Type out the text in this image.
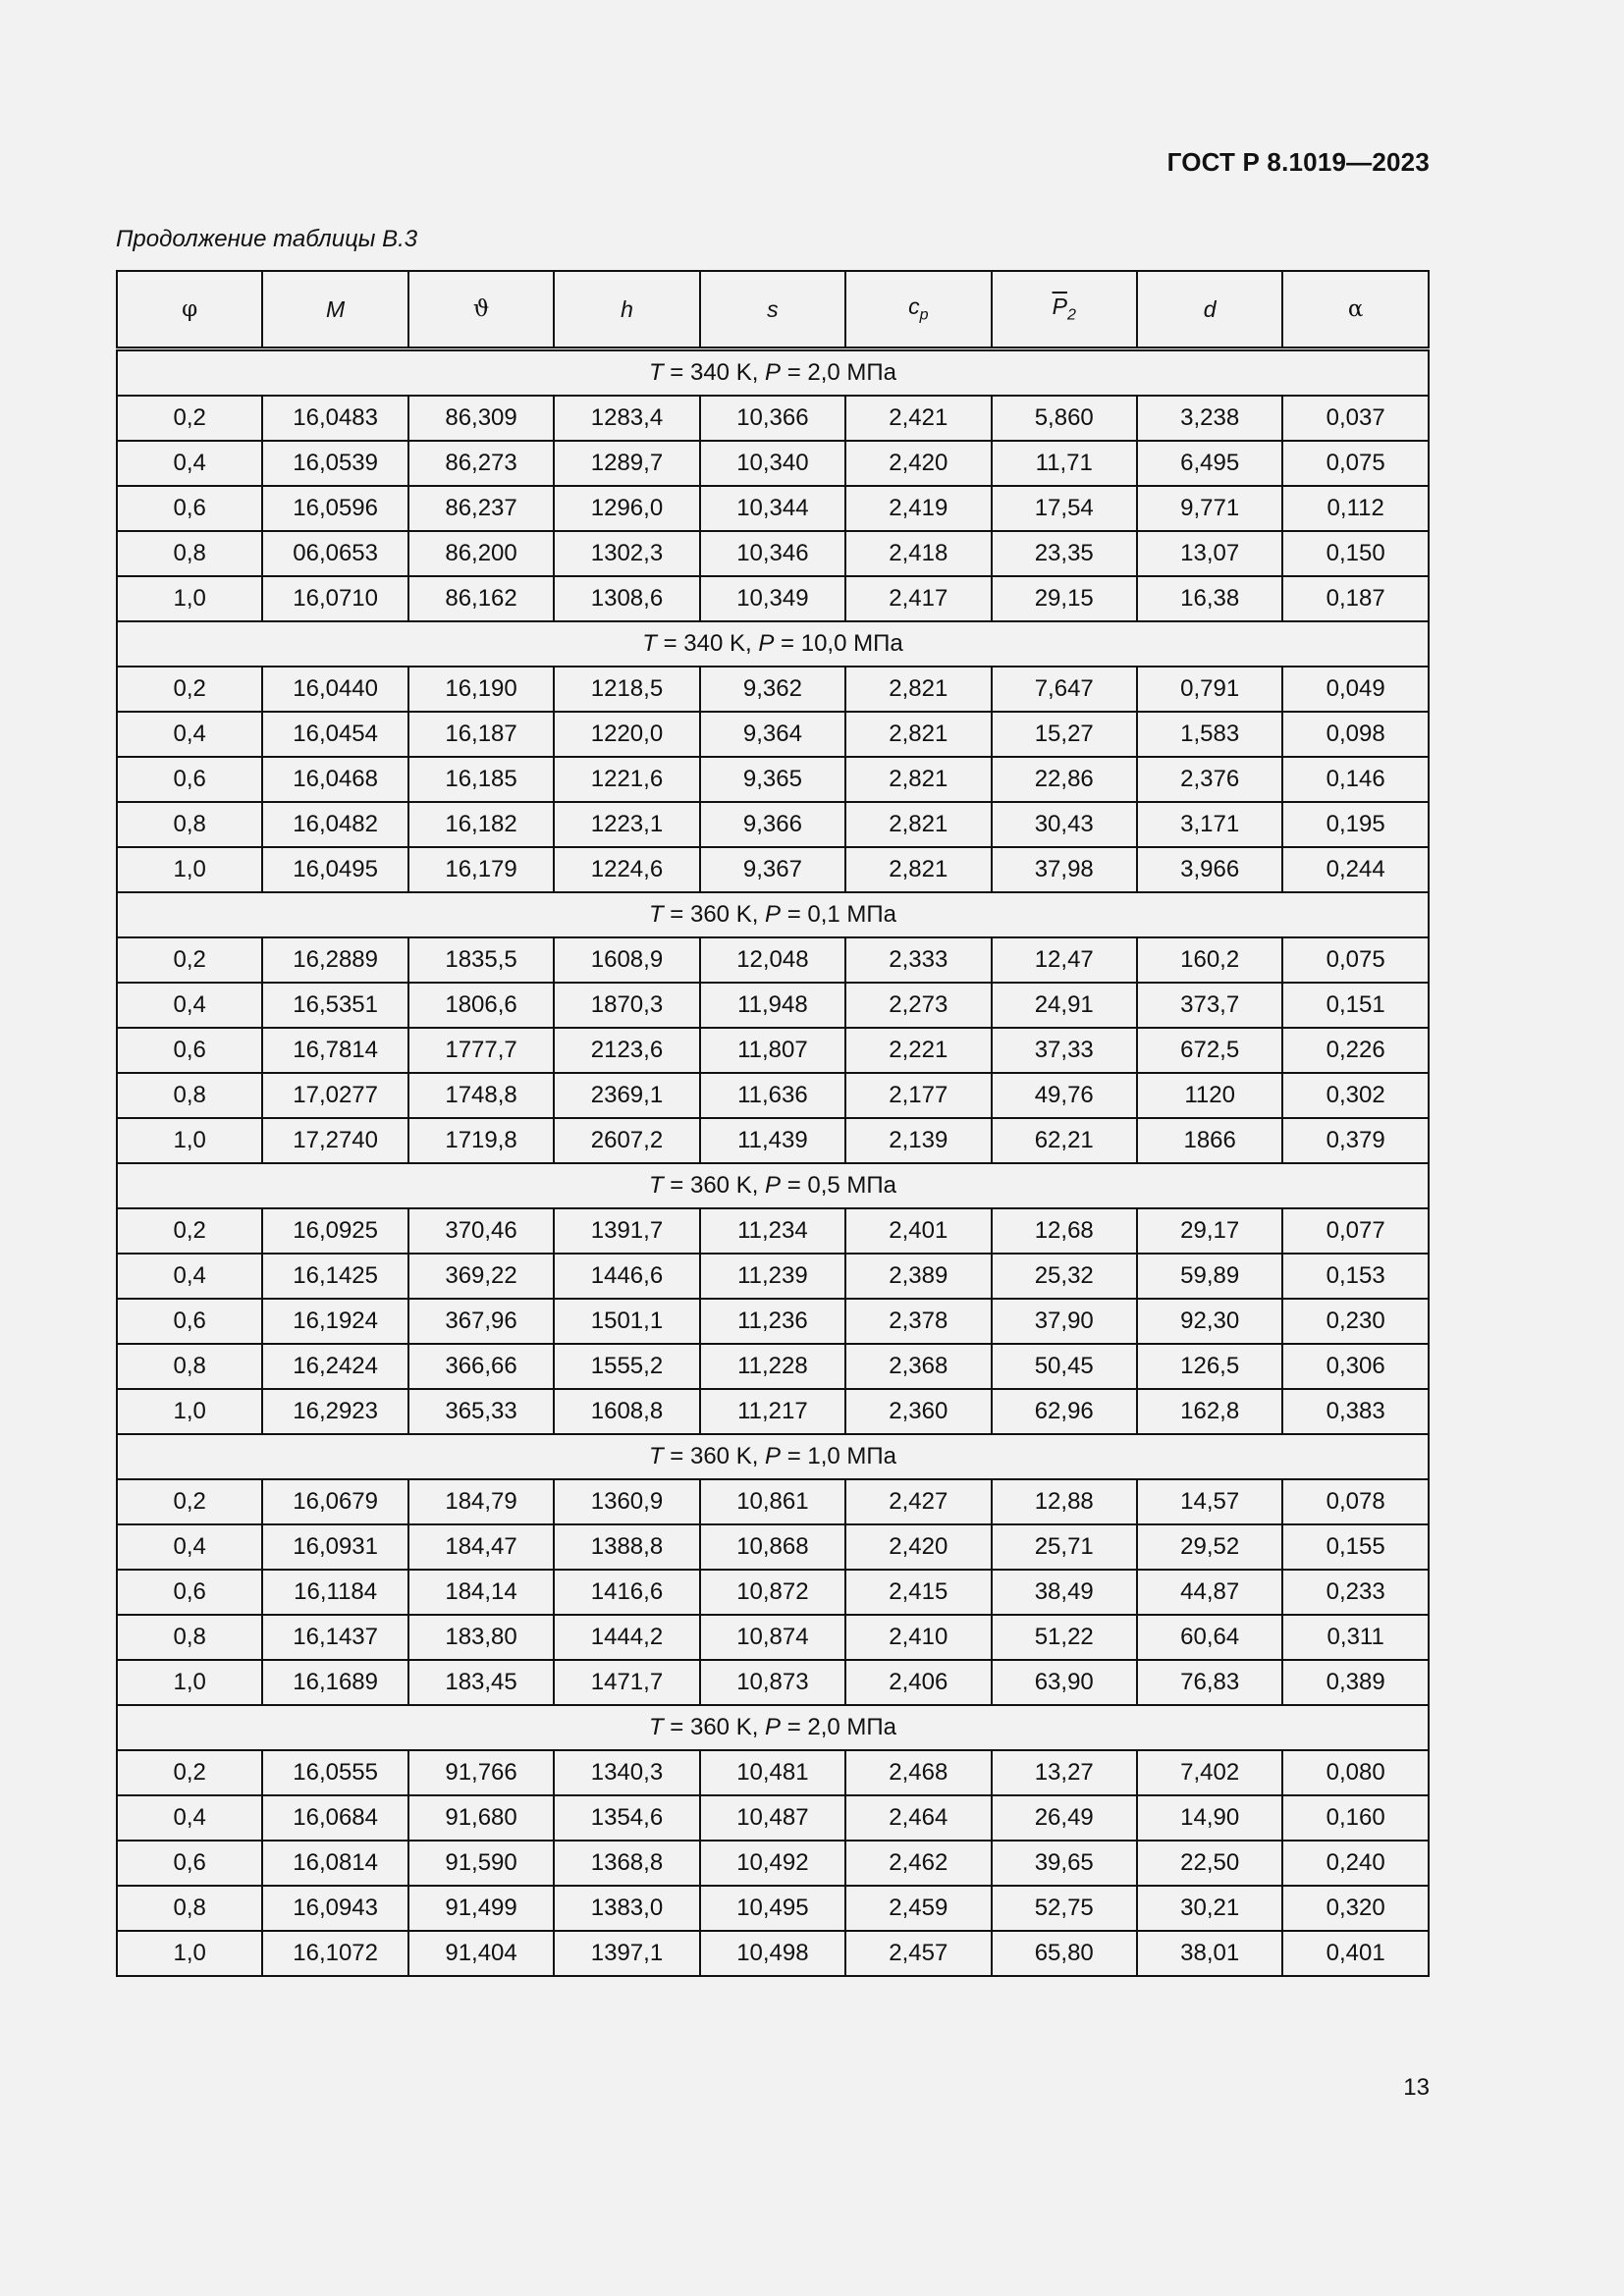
ГОСТ Р 8.1019—2023
Продолжение таблицы В.3
φ	M	ϑ	h	s	$c_p$	$\overline{P}_2$	d	α
T = 340 K, P = 2,0 МПа								
0,2	16,0483	86,309	1283,4	10,366	2,421	5,860	3,238	0,037
0,4	16,0539	86,273	1289,7	10,340	2,420	11,71	6,495	0,075
0,6	16,0596	86,237	1296,0	10,344	2,419	17,54	9,771	0,112
0,8	06,0653	86,200	1302,3	10,346	2,418	23,35	13,07	0,150
1,0	16,0710	86,162	1308,6	10,349	2,417	29,15	16,38	0,187
T = 340 K, P = 10,0 МПа								
0,2	16,0440	16,190	1218,5	9,362	2,821	7,647	0,791	0,049
0,4	16,0454	16,187	1220,0	9,364	2,821	15,27	1,583	0,098
0,6	16,0468	16,185	1221,6	9,365	2,821	22,86	2,376	0,146
0,8	16,0482	16,182	1223,1	9,366	2,821	30,43	3,171	0,195
1,0	16,0495	16,179	1224,6	9,367	2,821	37,98	3,966	0,244
T = 360 K, P = 0,1 МПа								
0,2	16,2889	1835,5	1608,9	12,048	2,333	12,47	160,2	0,075
0,4	16,5351	1806,6	1870,3	11,948	2,273	24,91	373,7	0,151
0,6	16,7814	1777,7	2123,6	11,807	2,221	37,33	672,5	0,226
0,8	17,0277	1748,8	2369,1	11,636	2,177	49,76	1120	0,302
1,0	17,2740	1719,8	2607,2	11,439	2,139	62,21	1866	0,379
T = 360 K, P = 0,5 МПа								
0,2	16,0925	370,46	1391,7	11,234	2,401	12,68	29,17	0,077
0,4	16,1425	369,22	1446,6	11,239	2,389	25,32	59,89	0,153
0,6	16,1924	367,96	1501,1	11,236	2,378	37,90	92,30	0,230
0,8	16,2424	366,66	1555,2	11,228	2,368	50,45	126,5	0,306
1,0	16,2923	365,33	1608,8	11,217	2,360	62,96	162,8	0,383
T = 360 K, P = 1,0 МПа								
0,2	16,0679	184,79	1360,9	10,861	2,427	12,88	14,57	0,078
0,4	16,0931	184,47	1388,8	10,868	2,420	25,71	29,52	0,155
0,6	16,1184	184,14	1416,6	10,872	2,415	38,49	44,87	0,233
0,8	16,1437	183,80	1444,2	10,874	2,410	51,22	60,64	0,311
1,0	16,1689	183,45	1471,7	10,873	2,406	63,90	76,83	0,389
T = 360 K, P = 2,0 МПа								
0,2	16,0555	91,766	1340,3	10,481	2,468	13,27	7,402	0,080
0,4	16,0684	91,680	1354,6	10,487	2,464	26,49	14,90	0,160
0,6	16,0814	91,590	1368,8	10,492	2,462	39,65	22,50	0,240
0,8	16,0943	91,499	1383,0	10,495	2,459	52,75	30,21	0,320
1,0	16,1072	91,404	1397,1	10,498	2,457	65,80	38,01	0,401
13
